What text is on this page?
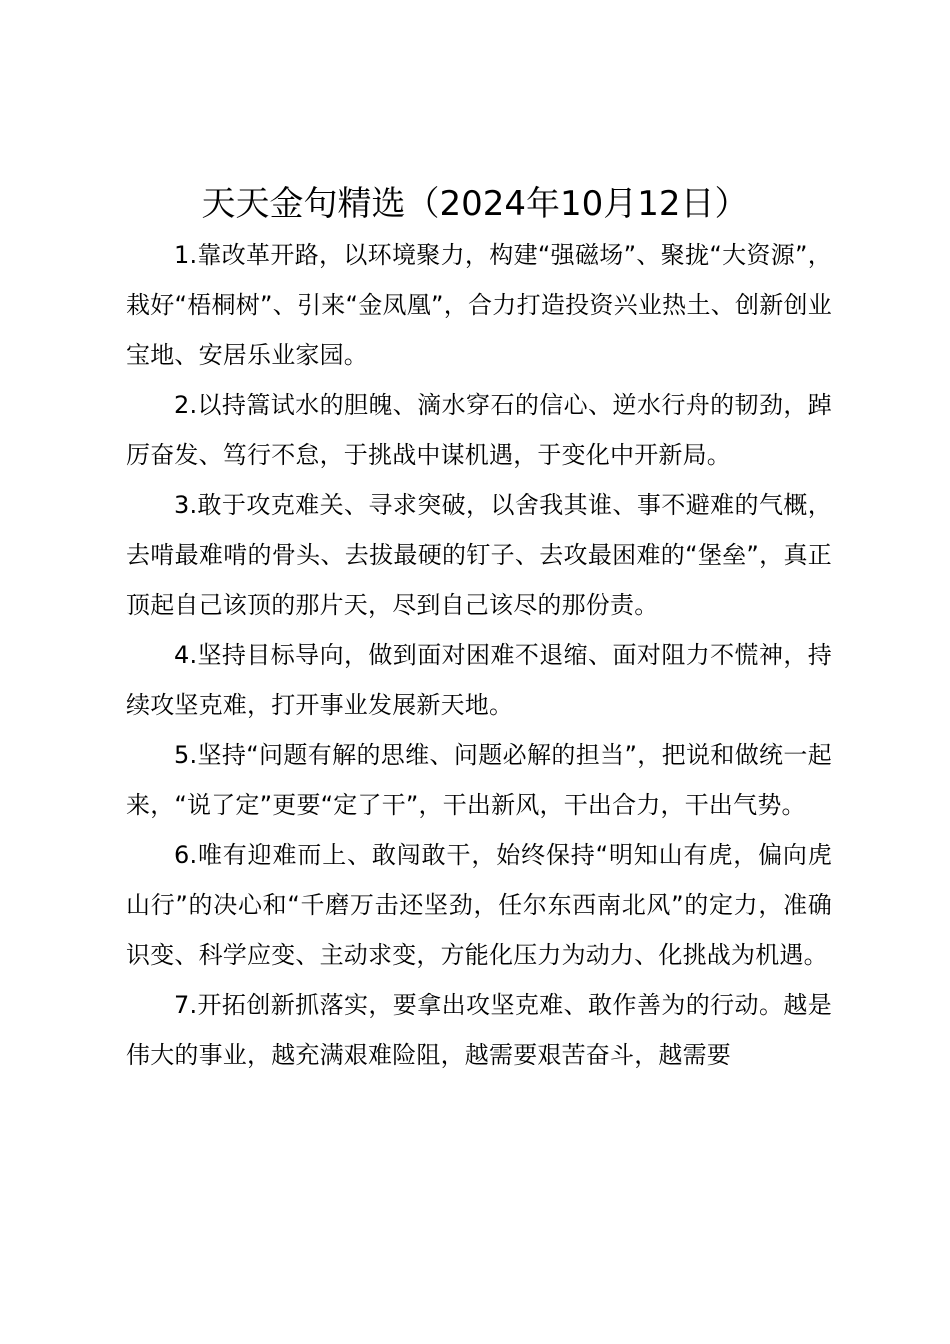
天天金句精选（2024年10月12日）

1.靠改革开路，以环境聚力，构建“强磁场”、聚拢“大资源”，栽好“梧桐树”、引来“金凤凰”，合力打造投资兴业热土、创新创业宝地、安居乐业家园。

2.以持篙试水的胆魄、滴水穿石的信心、逆水行舟的韧劲，踔厉奋发、笃行不怠，于挑战中谋机遇，于变化中开新局。

3.敢于攻克难关、寻求突破，以舍我其谁、事不避难的气概，去啃最难啃的骨头、去拔最硬的钉子、去攻最困难的“堡垒”，真正顶起自己该顶的那片天，尽到自己该尽的那份责。

4.坚持目标导向，做到面对困难不退缩、面对阻力不慌神，持续攻坚克难，打开事业发展新天地。

5.坚持“问题有解的思维、问题必解的担当”，把说和做统一起来，“说了定”更要“定了干”，干出新风，干出合力，干出气势。

6.唯有迎难而上、敢闯敢干，始终保持“明知山有虎，偏向虎山行”的决心和“千磨万击还坚劲，任尔东西南北风”的定力，准确识变、科学应变、主动求变，方能化压力为动力、化挑战为机遇。

7.开拓创新抓落实，要拿出攻坚克难、敢作善为的行动。越是伟大的事业，越充满艰难险阻，越需要艰苦奋斗，越需要
